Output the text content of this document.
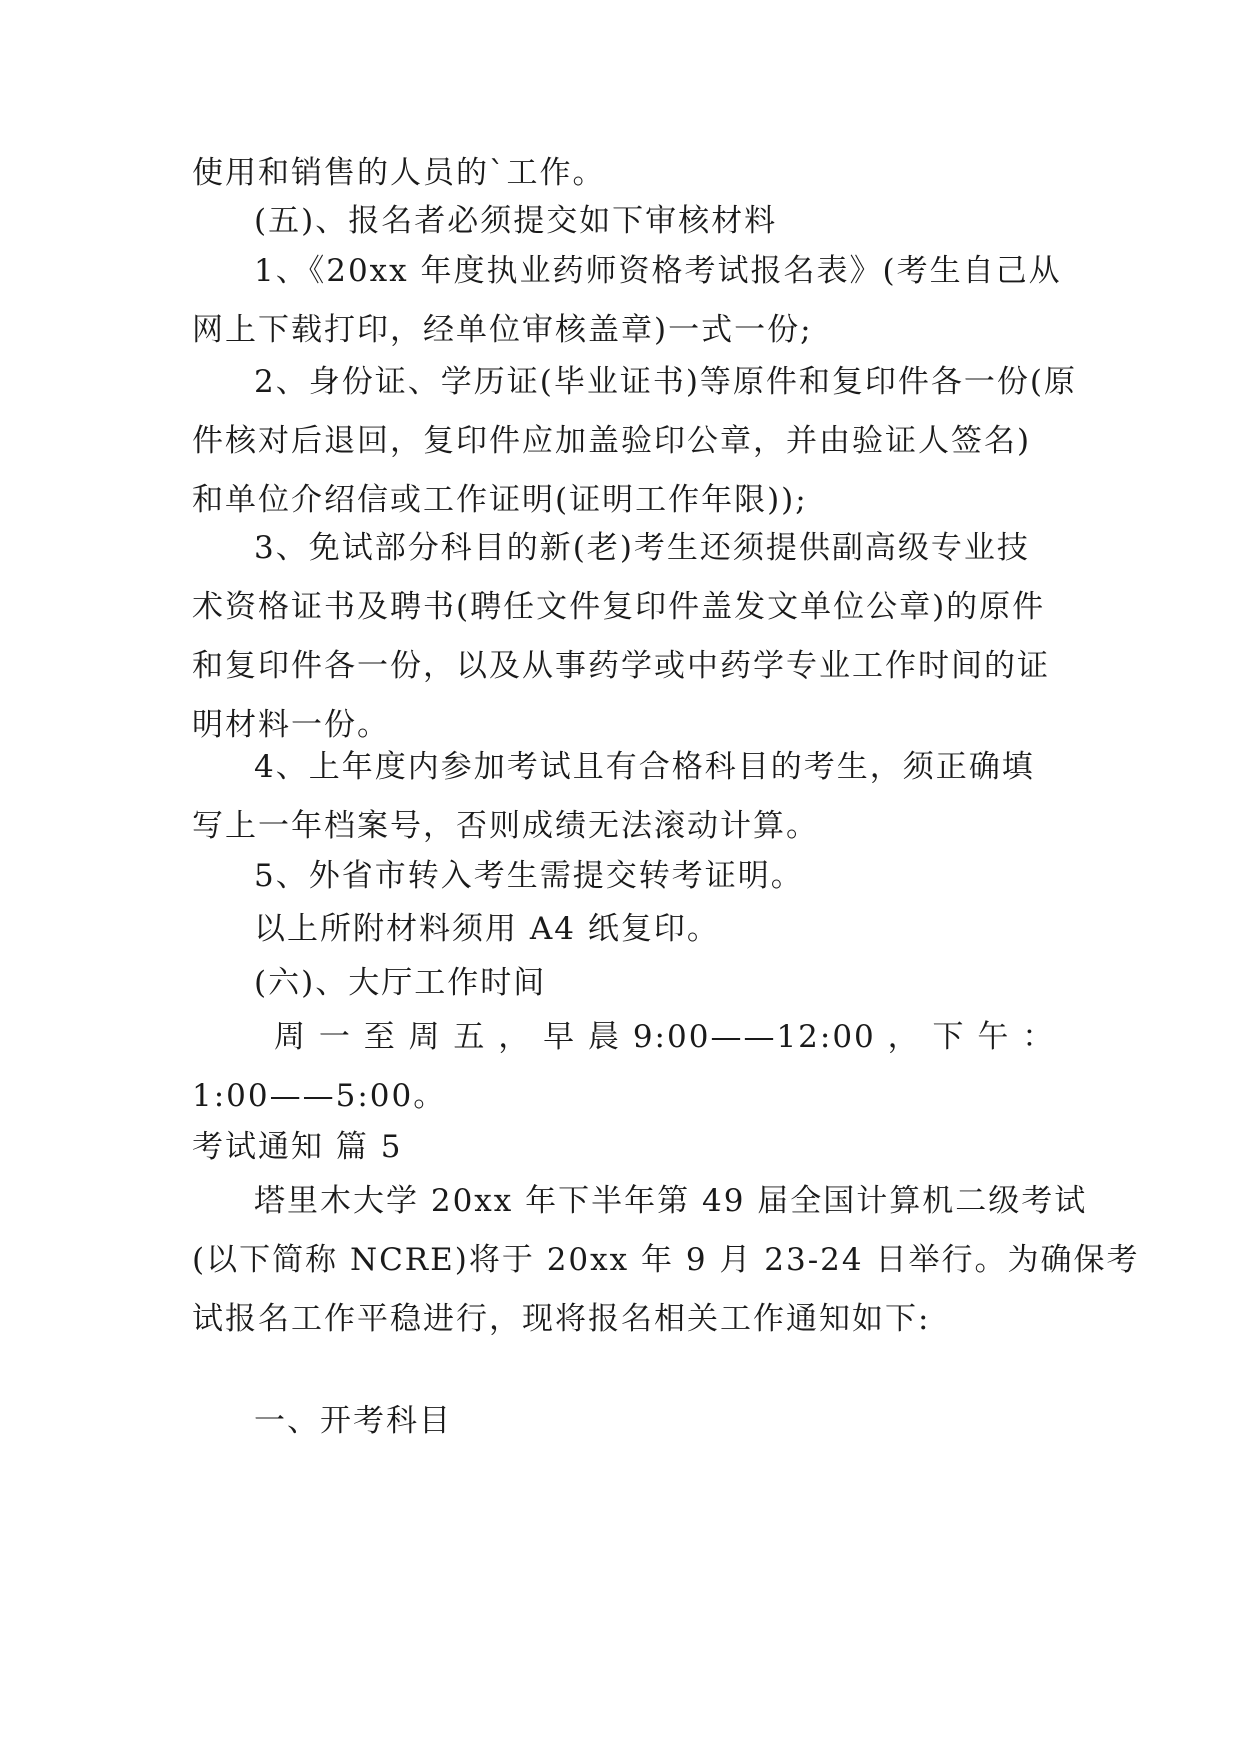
使用和销售的人员的`工作。

(五)、报名者必须提交如下审核材料

1、《20xx 年度执业药师资格考试报名表》(考生自己从
网上下载打印，经单位审核盖章)一式一份;

2、身份证、学历证(毕业证书)等原件和复印件各一份(原
件核对后退回，复印件应加盖验印公章，并由验证人签名)
和单位介绍信或工作证明(证明工作年限));

3、免试部分科目的新(老)考生还须提供副高级专业技
术资格证书及聘书(聘任文件复印件盖发文单位公章)的原件
和复印件各一份，以及从事药学或中药学专业工作时间的证
明材料一份。

4、上年度内参加考试且有合格科目的考生，须正确填
写上一年档案号，否则成绩无法滚动计算。

5、外省市转入考生需提交转考证明。

以上所附材料须用 A4 纸复印。

(六)、大厅工作时间

周 一 至 周 五 ， 早 晨 9:00——12:00 ， 下 午 ：
1:00——5:00。

考试通知 篇 5

塔里木大学 20xx 年下半年第 49 届全国计算机二级考试
(以下简称 NCRE)将于 20xx 年 9 月 23-24 日举行。为确保考
试报名工作平稳进行，现将报名相关工作通知如下:

一、开考科目
